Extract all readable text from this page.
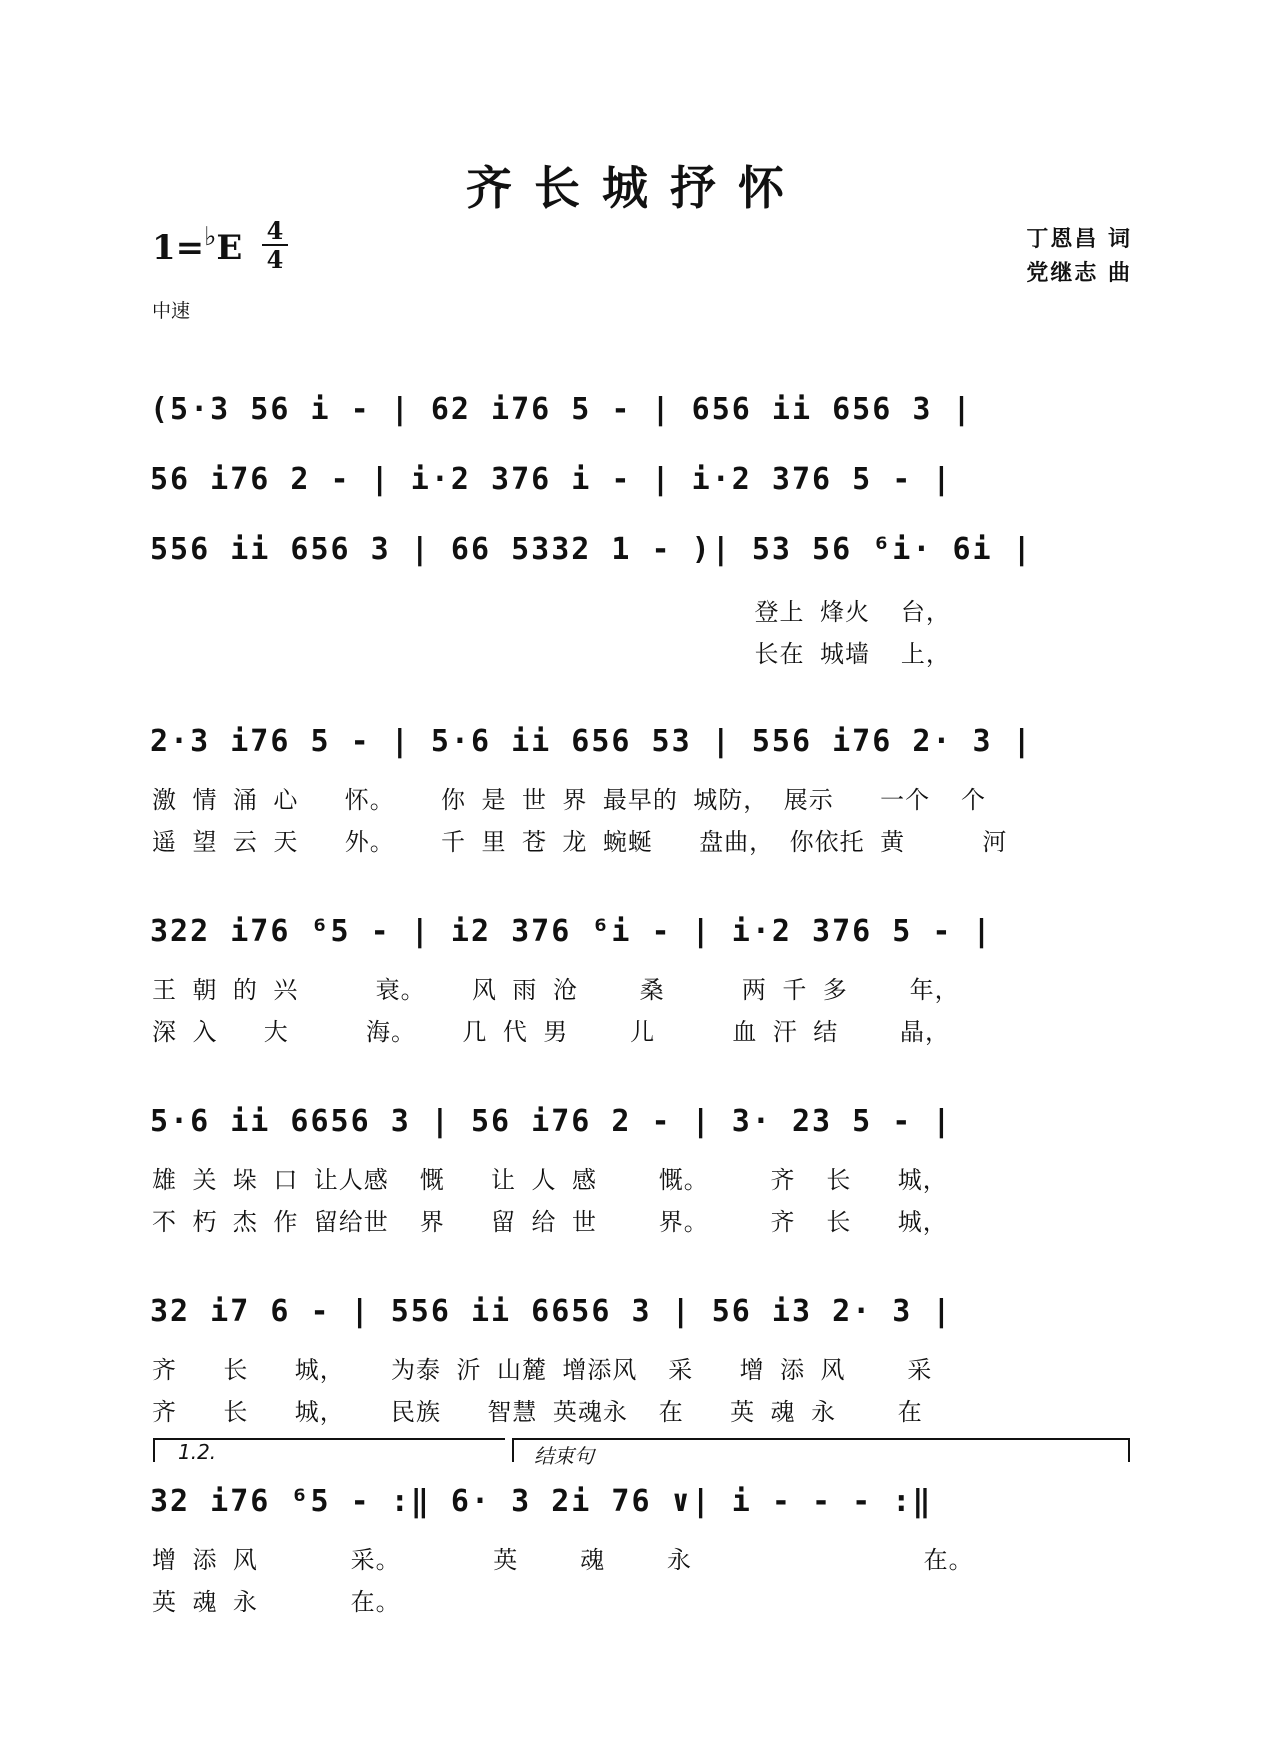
齐长城抒怀
丁恩昌 词
党继志 曲
1=♭E 4
4
中速
(5·3 56 i - | 62 i76 5 - | 656 ii 656 3 |
56 i76 2 - | i·2 376 i - | i·2 376 5 - |
556 ii 656 3 | 66 5332 1 - )| 53 56 ⁶i· 6i |
登上 烽火  台，
长在 城墙  上，
2·3 i76 5 - | 5·6 ii 656 53 | 556 i76 2· 3 |
激 情 涌 心   怀。   你 是 世 界 最早的 城防， 展示   一个  个
遥 望 云 天   外。   千 里 苍 龙 蜿蜒   盘曲， 你依托 黄     河
322 i76 ⁶5 - | i2 376 ⁶i - | i·2 376 5 - |
王 朝 的 兴     衰。   风 雨 沧    桑     两 千 多    年，
深 入   大     海。   几 代 男    儿     血 汗 结    晶，
5·6 ii 6656 3 | 56 i76 2 - | 3· 23 5 - |
雄 关 垛 口 让人感  慨   让 人 感    慨。    齐  长   城，
不 朽 杰 作 留给世  界   留 给 世    界。    齐  长   城，
32 i7 6 - | 556 ii 6656 3 | 56 i3 2· 3 |
齐   长   城，   为泰 沂 山麓 增添风  采   增 添 风    采
齐   长   城，   民族   智慧 英魂永  在   英 魂 永    在
1.2.	结束句
32 i76 ⁶5 - :‖ 6· 3 2i 76 ∨| i - - - :‖
增 添 风      采。      英    魂    永               在。
英 魂 永      在。
